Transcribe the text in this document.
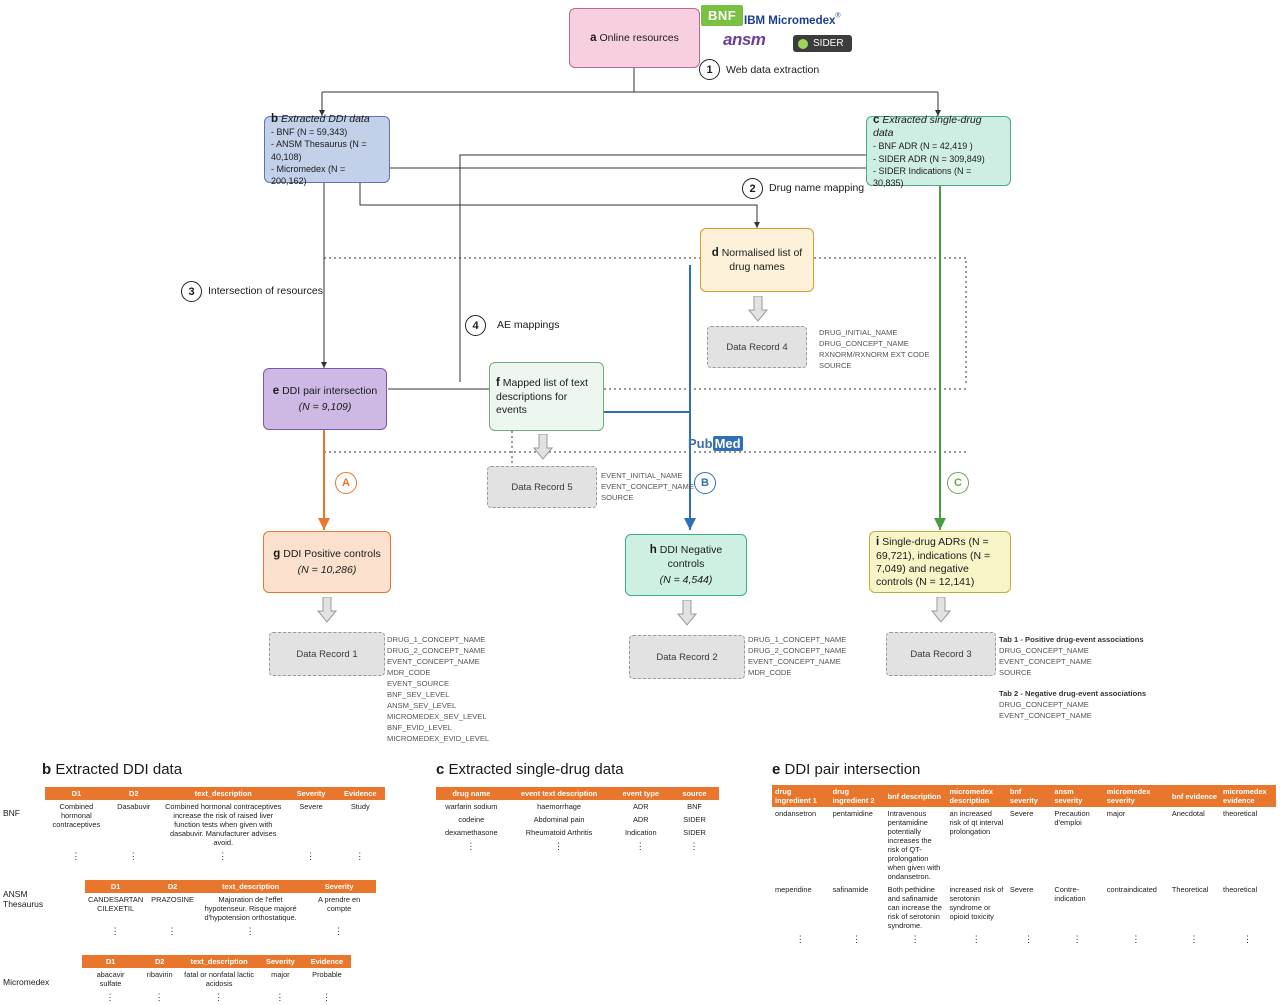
a Online resources
BNF IBM Micromedex®
ansm	SIDER
1 Web data extraction
b Extracted DDI data
- BNF (N = 59,343)
- ANSM Thesaurus (N = 40,108)
- Micromedex (N = 200,162)
c Extracted single-drug data
- BNF ADR (N = 42,419 )
- SIDER ADR (N = 309,849)
- SIDER Indications (N = 30,835)
2 Drug name mapping
3 Intersection of resources
4 AE mappings
d Normalised list of drug names
Data Record 4
DRUG_INITIAL_NAME
DRUG_CONCEPT_NAME
RXNORM/RXNORM EXT CODE
SOURCE
e DDI pair intersection
(N = 9,109)
f Mapped list of text descriptions for events
Data Record 5
EVENT_INITIAL_NAME
EVENT_CONCEPT_NAME
SOURCE
Pub Med
A	B	C
g DDI Positive controls
(N = 10,286)
h DDI Negative controls
(N = 4,544)
i Single-drug ADRs (N = 69,721), indications (N = 7,049) and negative controls (N = 12,141)
Data Record 1
DRUG_1_CONCEPT_NAME
DRUG_2_CONCEPT_NAME
EVENT_CONCEPT_NAME
MDR_CODE
EVENT_SOURCE
BNF_SEV_LEVEL
ANSM_SEV_LEVEL
MICROMEDEX_SEV_LEVEL
BNF_EVID_LEVEL
MICROMEDEX_EVID_LEVEL
Data Record 2
DRUG_1_CONCEPT_NAME
DRUG_2_CONCEPT_NAME
EVENT_CONCEPT_NAME
MDR_CODE
Data Record 3
Tab 1 - Positive drug-event associations
DRUG_CONCEPT_NAME
EVENT_CONCEPT_NAME
SOURCE
Tab 2 - Negative drug-event associations
DRUG_CONCEPT_NAME
EVENT_CONCEPT_NAME
b Extracted DDI data
BNF
D1	D2	text_description	Severity	Evidence
Combined hormonal contraceptives	Dasabuvir	Combined hormonal contraceptives increase the risk of raised liver function tests when given with dasabuvir. Manufacturer advises avoid.	Severe	Study
⋮	⋮	⋮	⋮	⋮
ANSM Thesaurus
D1	D2	text_description	Severity
CANDESARTAN CILEXETIL	PRAZOSINE	Majoration de l'effet hypotenseur. Risque majoré d'hypotension orthostatique.	A prendre en compte
⋮	⋮	⋮	⋮
Micromedex
D1	D2	text_description	Severity	Evidence
abacavir sulfate	ribavirin	fatal or nonfatal lactic acidosis	major	Probable
⋮	⋮	⋮	⋮	⋮
c Extracted single-drug data
drug name	event text description	event type	source
warfarin sodium	haemorrhage	ADR	BNF
codeine	Abdominal pain	ADR	SIDER
dexamethasone	Rheumatoid Arthritis	Indication	SIDER
⋮	⋮	⋮	⋮
e DDI pair intersection
drug ingredient 1	drug ingredient 2	bnf description	micromedex description	bnf severity	ansm severity	micromedex severity	bnf evidence	micromedex evidence
ondansetron	pentamidine	Intravenous pentamidine potentially increases the risk of QT-prolongation when given with ondansetron.	an increased risk of qt interval prolongation	Severe	Precaution d'emploi	major	Anecdotal	theoretical
meperidine	safinamide	Both pethidine and safinamide can increase the risk of serotonin syndrome.	increased risk of serotonin syndrome or opioid toxicity	Severe	Contre-indication	contraindicated	Theoretical	theoretical
⋮	⋮	⋮	⋮	⋮	⋮	⋮	⋮	⋮
